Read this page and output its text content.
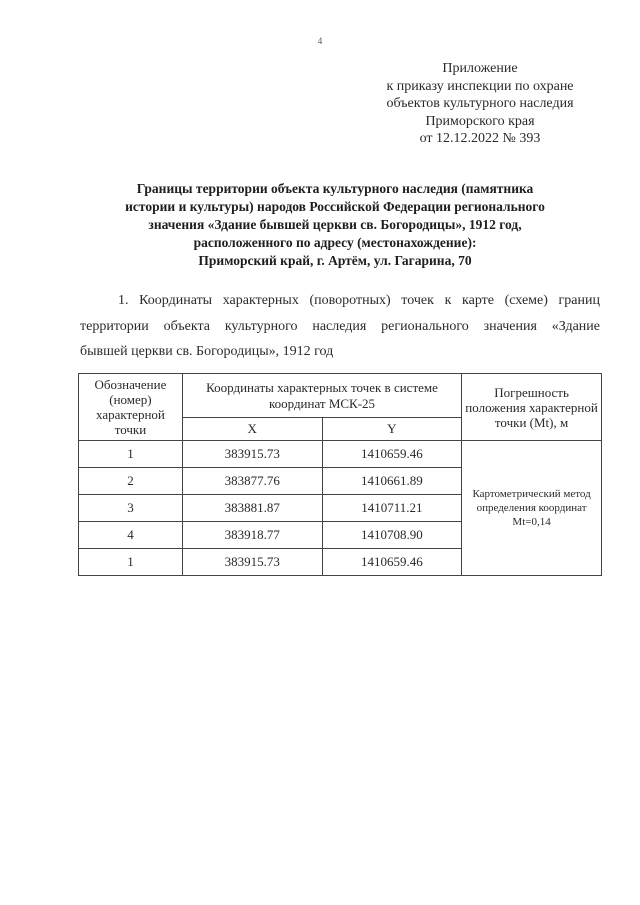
4
Приложение
к приказу инспекции по охране
объектов культурного наследия
Приморского края
от 12.12.2022 № 393
Границы территории объекта культурного наследия (памятника
истории и культуры) народов Российской Федерации регионального
значения «Здание бывшей церкви св. Богородицы», 1912 год,
расположенного по адресу (местонахождение):
Приморский край, г. Артём, ул. Гагарина, 70
1. Координаты характерных (поворотных) точек к карте (схеме) границ
территории объекта культурного наследия регионального значения «Здание
бывшей церкви св. Богородицы», 1912 год
Обозначение (номер) характерной точки	Координаты характерных точек в системе координат МСК-25		Погрешность положения характерной точки (Mt), м
	X	Y	
1	383915.73	1410659.46	Картометрический метод определения координат Mt=0,14
2	383877.76	1410661.89	
3	383881.87	1410711.21	
4	383918.77	1410708.90	
1	383915.73	1410659.46	
